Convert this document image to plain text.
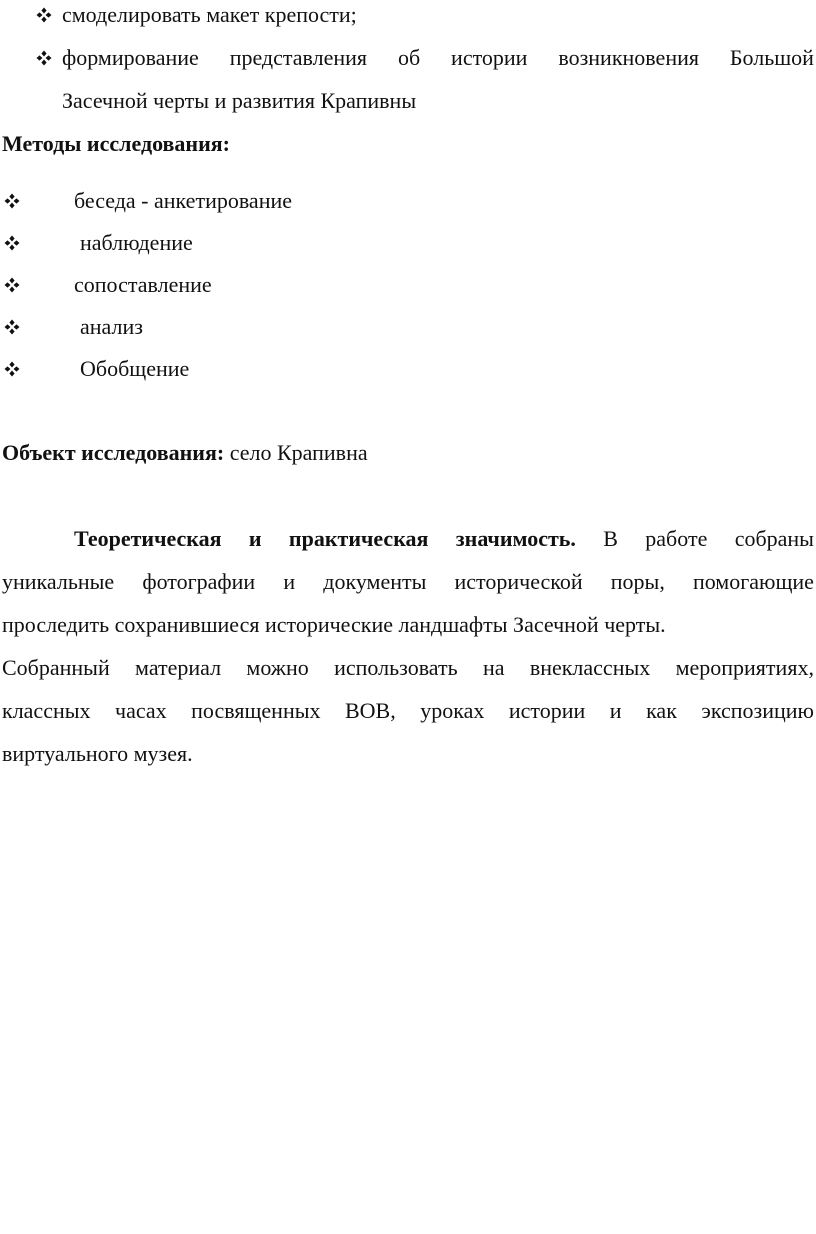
смоделировать макет крепости;
формирование представления об истории возникновения Большой
Засечной черты и развития Крапивны
Методы исследования:
беседа - анкетирование
наблюдение
сопоставление
анализ
Обобщение
Объект исследования: село Крапивна
Теоретическая и практическая значимость. В работе собраны
уникальные фотографии и документы исторической поры, помогающие
проследить сохранившиеся исторические ландшафты Засечной черты.
Собранный материал можно использовать на внеклассных мероприятиях,
классных часах посвященных ВОВ, уроках истории и как экспозицию
виртуального музея.
